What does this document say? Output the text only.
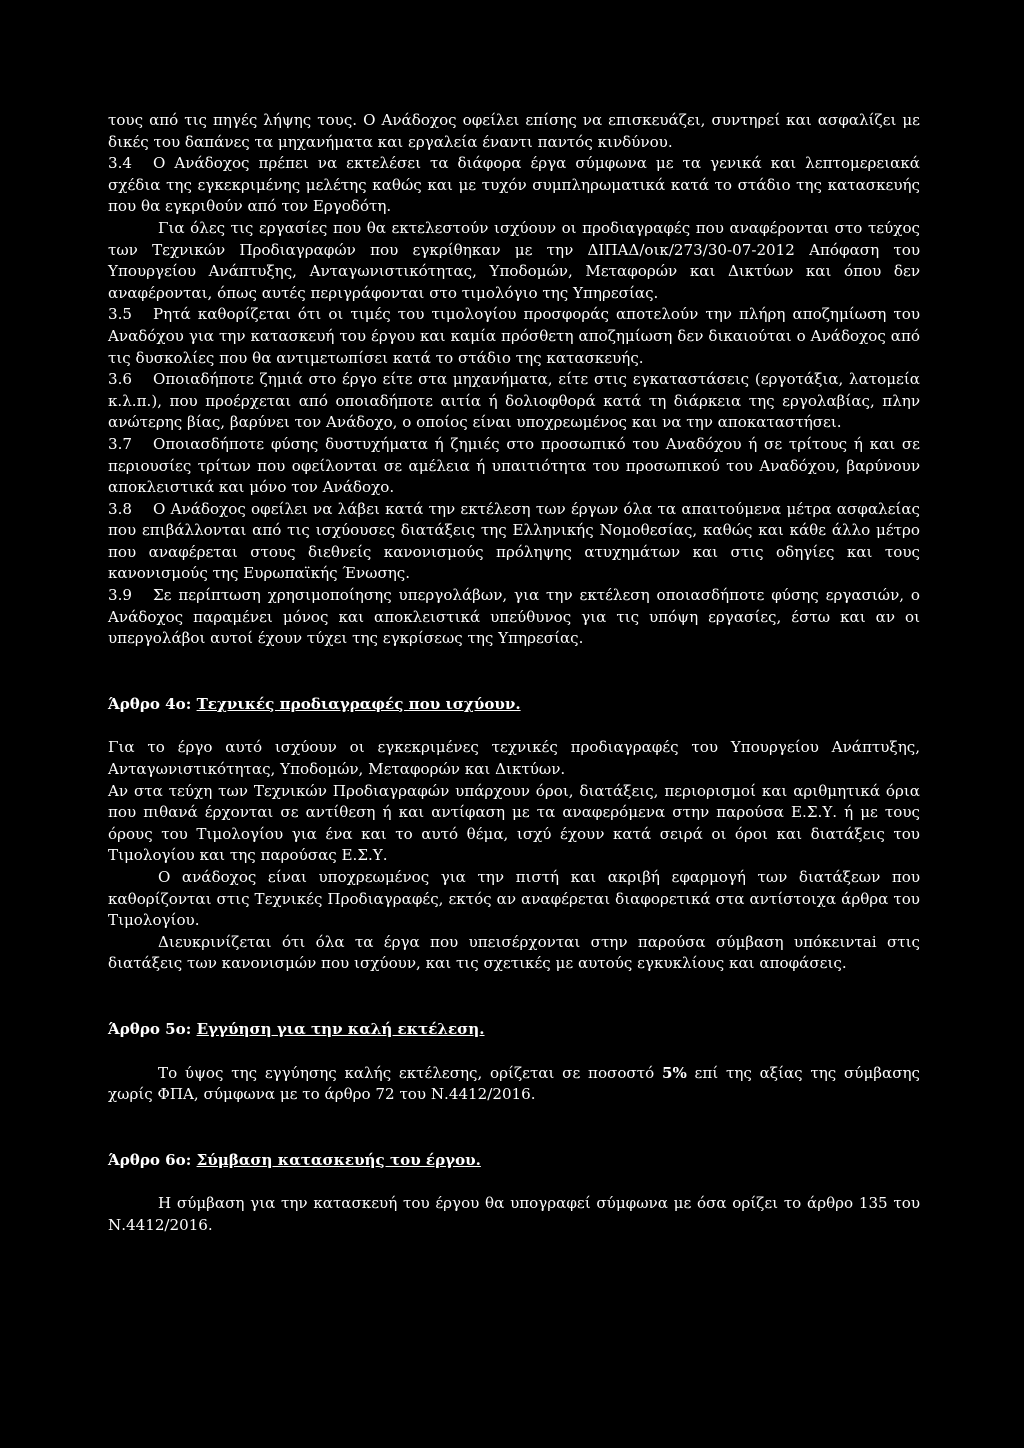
τους από τις πηγές λήψης τους. Ο Ανάδοχος οφείλει επίσης να επισκευάζει, συντηρεί και ασφαλίζει με δικές του δαπάνες τα μηχανήματα και εργαλεία έναντι παντός κινδύνου.

3.4 Ο Ανάδοχος πρέπει να εκτελέσει τα διάφορα έργα σύμφωνα με τα γενικά και λεπτομερειακά σχέδια της εγκεκριμένης μελέτης καθώς και με τυχόν συμπληρωματικά κατά το στάδιο της κατασκευής που θα εγκριθούν από τον Εργοδότη.

Για όλες τις εργασίες που θα εκτελεστούν ισχύουν οι προδιαγραφές που αναφέρονται στο τεύχος των Τεχνικών Προδιαγραφών που εγκρίθηκαν με την ΔΙΠΑΔ/οικ/273/30-07-2012 Απόφαση του Υπουργείου Ανάπτυξης, Ανταγωνιστικότητας, Υποδομών, Μεταφορών και Δικτύων και όπου δεν αναφέρονται, όπως αυτές περιγράφονται στο τιμολόγιο της Υπηρεσίας.

3.5 Ρητά καθορίζεται ότι οι τιμές του τιμολογίου προσφοράς αποτελούν την πλήρη αποζημίωση του Αναδόχου για την κατασκευή του έργου και καμία πρόσθετη αποζημίωση δεν δικαιούται ο Ανάδοχος από τις δυσκολίες που θα αντιμετωπίσει κατά το στάδιο της κατασκευής.

3.6 Οποιαδήποτε ζημιά στο έργο είτε στα μηχανήματα, είτε στις εγκαταστάσεις (εργοτάξια, λατομεία κ.λ.π.), που προέρχεται από οποιαδήποτε αιτία ή δολιοφθορά κατά τη διάρκεια της εργολαβίας, πλην ανώτερης βίας, βαρύνει τον Ανάδοχο, ο οποίος είναι υποχρεωμένος και να την αποκαταστήσει.

3.7 Οποιασδήποτε φύσης δυστυχήματα ή ζημιές στο προσωπικό του Αναδόχου ή σε τρίτους ή και σε περιουσίες τρίτων που οφείλονται σε αμέλεια ή υπαιτιότητα του προσωπικού του Αναδόχου, βαρύνουν αποκλειστικά και μόνο τον Ανάδοχο.

3.8 Ο Ανάδοχος οφείλει να λάβει κατά την εκτέλεση των έργων όλα τα απαιτούμενα μέτρα ασφαλείας που επιβάλλονται από τις ισχύουσες διατάξεις της Ελληνικής Νομοθεσίας, καθώς και κάθε άλλο μέτρο που αναφέρεται στους διεθνείς κανονισμούς πρόληψης ατυχημάτων και στις οδηγίες και τους κανονισμούς της Ευρωπαϊκής Ένωσης.

3.9 Σε περίπτωση χρησιμοποίησης υπεργολάβων, για την εκτέλεση οποιασδήποτε φύσης εργασιών, ο Ανάδοχος παραμένει μόνος και αποκλειστικά υπεύθυνος για τις υπόψη εργασίες, έστω και αν οι υπεργολάβοι αυτοί έχουν τύχει της εγκρίσεως της Υπηρεσίας.

Άρθρο 4ο: Τεχνικές προδιαγραφές που ισχύουν.

Για το έργο αυτό ισχύουν οι εγκεκριμένες τεχνικές προδιαγραφές του Υπουργείου Ανάπτυξης, Ανταγωνιστικότητας, Υποδομών, Μεταφορών και Δικτύων.

Αν στα τεύχη των Τεχνικών Προδιαγραφών υπάρχουν όροι, διατάξεις, περιορισμοί και αριθμητικά όρια που πιθανά έρχονται σε αντίθεση ή και αντίφαση με τα αναφερόμενα στην παρούσα Ε.Σ.Υ. ή με τους όρους του Τιμολογίου για ένα και το αυτό θέμα, ισχύ έχουν κατά σειρά οι όροι και διατάξεις του Τιμολογίου και της παρούσας Ε.Σ.Υ.

Ο ανάδοχος είναι υποχρεωμένος για την πιστή και ακριβή εφαρμογή των διατάξεων που καθορίζονται στις Τεχνικές Προδιαγραφές, εκτός αν αναφέρεται διαφορετικά στα αντίστοιχα άρθρα του Τιμολογίου.

Διευκρινίζεται ότι όλα τα έργα που υπεισέρχονται στην παρούσα σύμβαση υπόκειντai στις διατάξεις των κανονισμών που ισχύουν, και τις σχετικές με αυτούς εγκυκλίους και αποφάσεις.

Άρθρο 5ο: Εγγύηση για την καλή εκτέλεση.

Το ύψος της εγγύησης καλής εκτέλεσης, ορίζεται σε ποσοστό 5% επί της αξίας της σύμβασης χωρίς ΦΠΑ, σύμφωνα με το άρθρο 72 του Ν.4412/2016.

Άρθρο 6ο: Σύμβαση κατασκευής του έργου.

Η σύμβαση για την κατασκευή του έργου θα υπογραφεί σύμφωνα με όσα ορίζει το άρθρο 135 του Ν.4412/2016.
